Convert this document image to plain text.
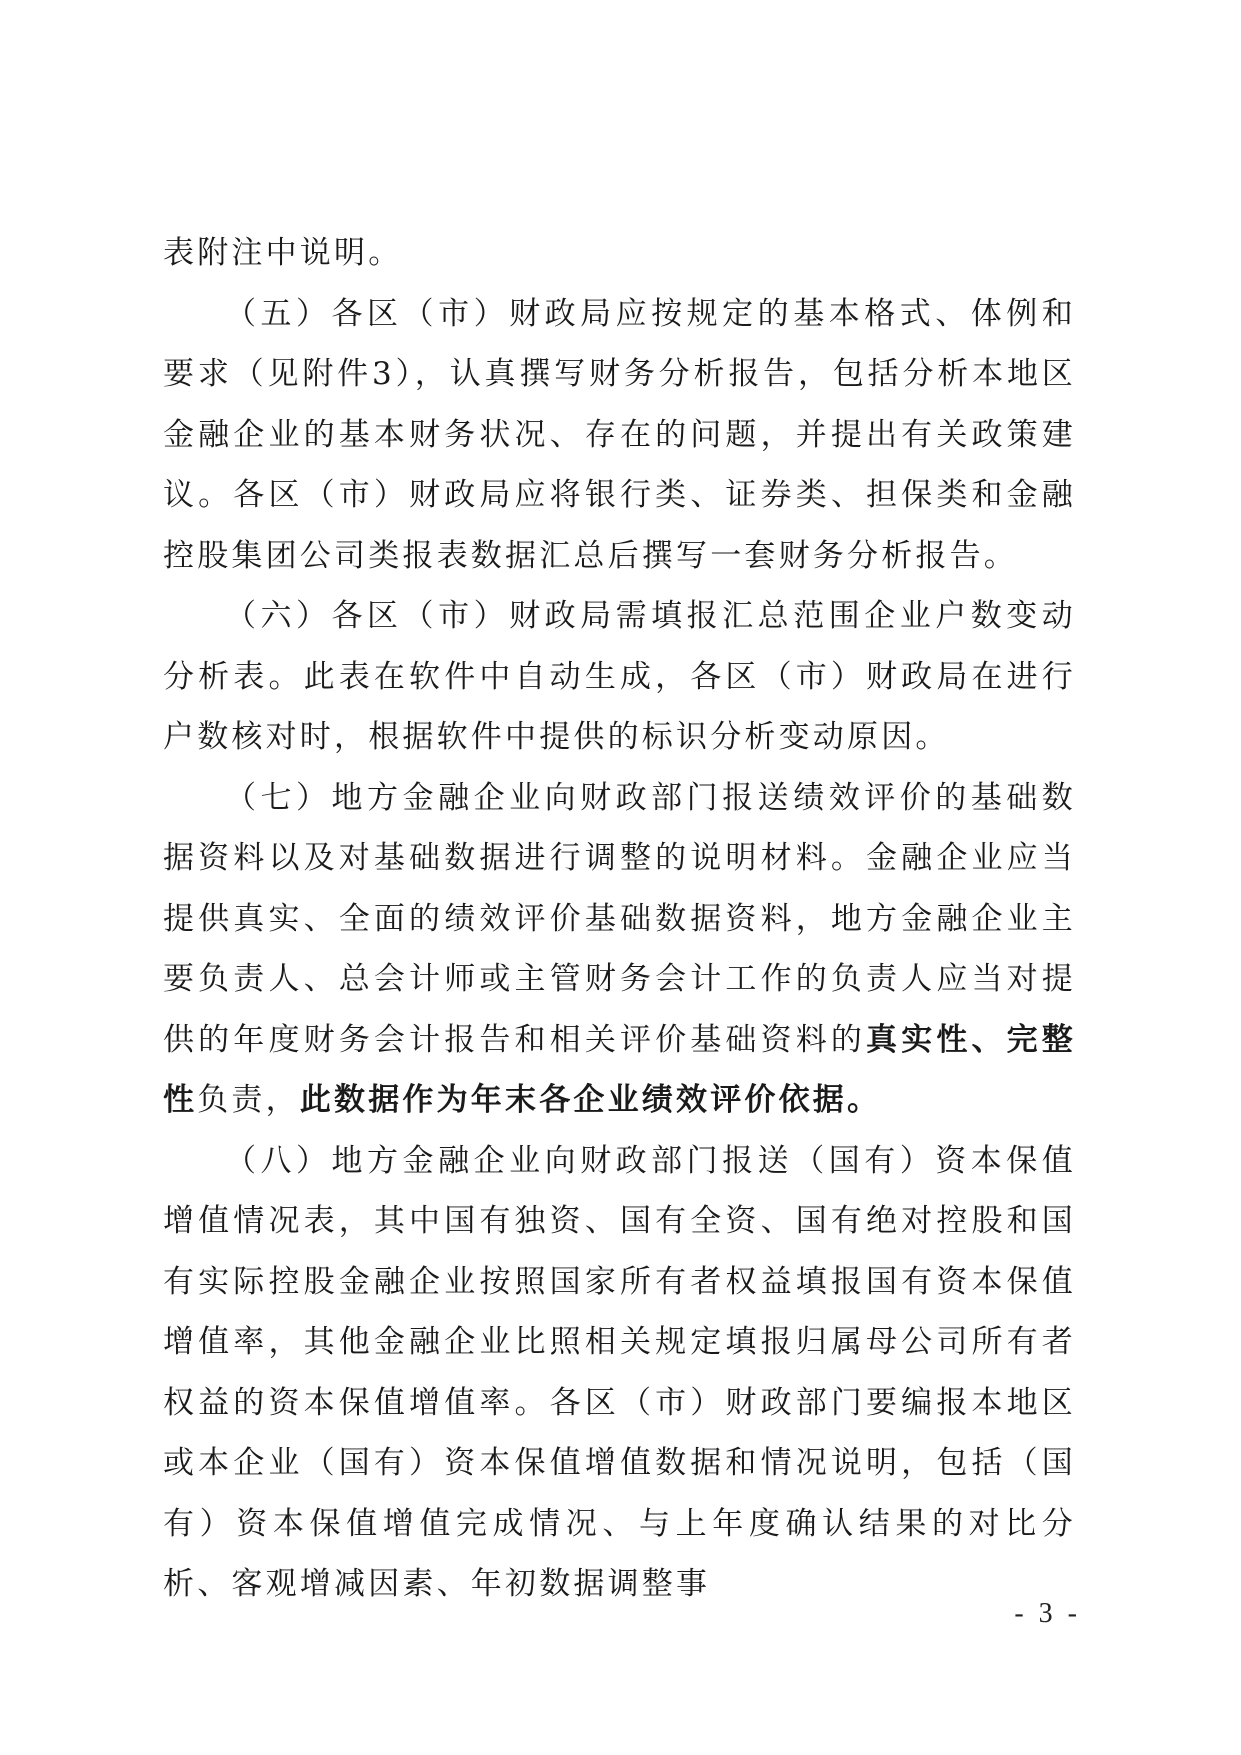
表附注中说明。

（五）各区（市）财政局应按规定的基本格式、体例和要求（见附件3），认真撰写财务分析报告，包括分析本地区金融企业的基本财务状况、存在的问题，并提出有关政策建议。各区（市）财政局应将银行类、证券类、担保类和金融控股集团公司类报表数据汇总后撰写一套财务分析报告。

（六）各区（市）财政局需填报汇总范围企业户数变动分析表。此表在软件中自动生成，各区（市）财政局在进行户数核对时，根据软件中提供的标识分析变动原因。

（七）地方金融企业向财政部门报送绩效评价的基础数据资料以及对基础数据进行调整的说明材料。金融企业应当提供真实、全面的绩效评价基础数据资料，地方金融企业主要负责人、总会计师或主管财务会计工作的负责人应当对提供的年度财务会计报告和相关评价基础资料的真实性、完整性负责，此数据作为年末各企业绩效评价依据。

（八）地方金融企业向财政部门报送（国有）资本保值增值情况表，其中国有独资、国有全资、国有绝对控股和国有实际控股金融企业按照国家所有者权益填报国有资本保值增值率，其他金融企业比照相关规定填报归属母公司所有者权益的资本保值增值率。各区（市）财政部门要编报本地区或本企业（国有）资本保值增值数据和情况说明，包括（国有）资本保值增值完成情况、与上年度确认结果的对比分析、客观增减因素、年初数据调整事

- 3 -
